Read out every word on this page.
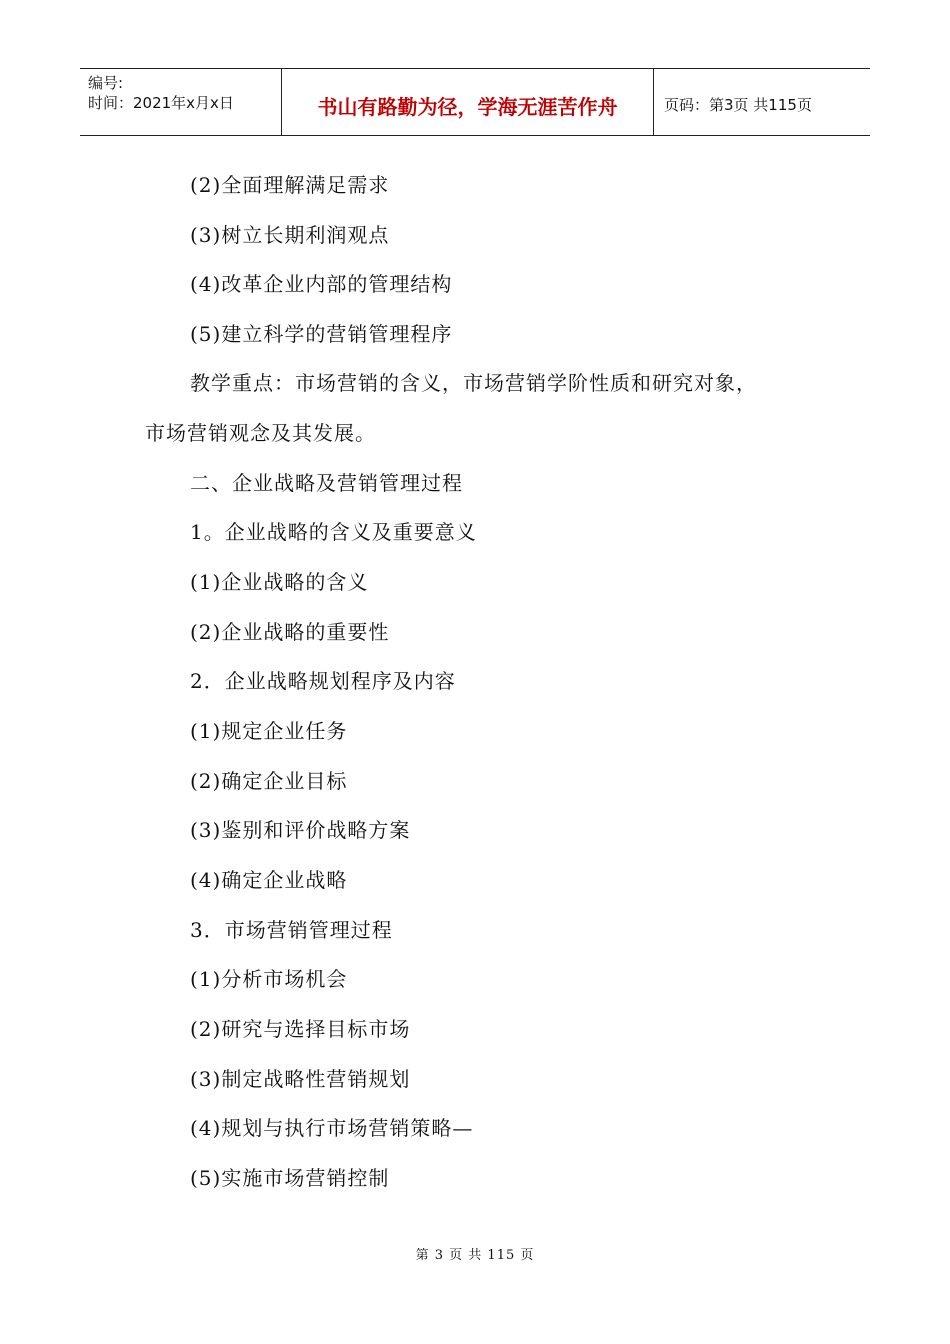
编号:
时间：2021年x月x日	书山有路勤为径，学海无涯苦作舟	页码：第3页 共115页
(2)全面理解满足需求
(3)树立长期利润观点
(4)改革企业内部的管理结构
(5)建立科学的营销管理程序
教学重点：市场营销的含义，市场营销学阶性质和研究对象，
市场营销观念及其发展。
二、企业战略及营销管理过程
1。企业战略的含义及重要意义
(1)企业战略的含义
(2)企业战略的重要性
2．企业战略规划程序及内容
(1)规定企业任务
(2)确定企业目标
(3)鉴别和评价战略方案
(4)确定企业战略
3．市场营销管理过程
(1)分析市场机会
(2)研究与选择目标市场
(3)制定战略性营销规划
(4)规划与执行市场营销策略—
(5)实施市场营销控制
第 3 页 共 115 页
